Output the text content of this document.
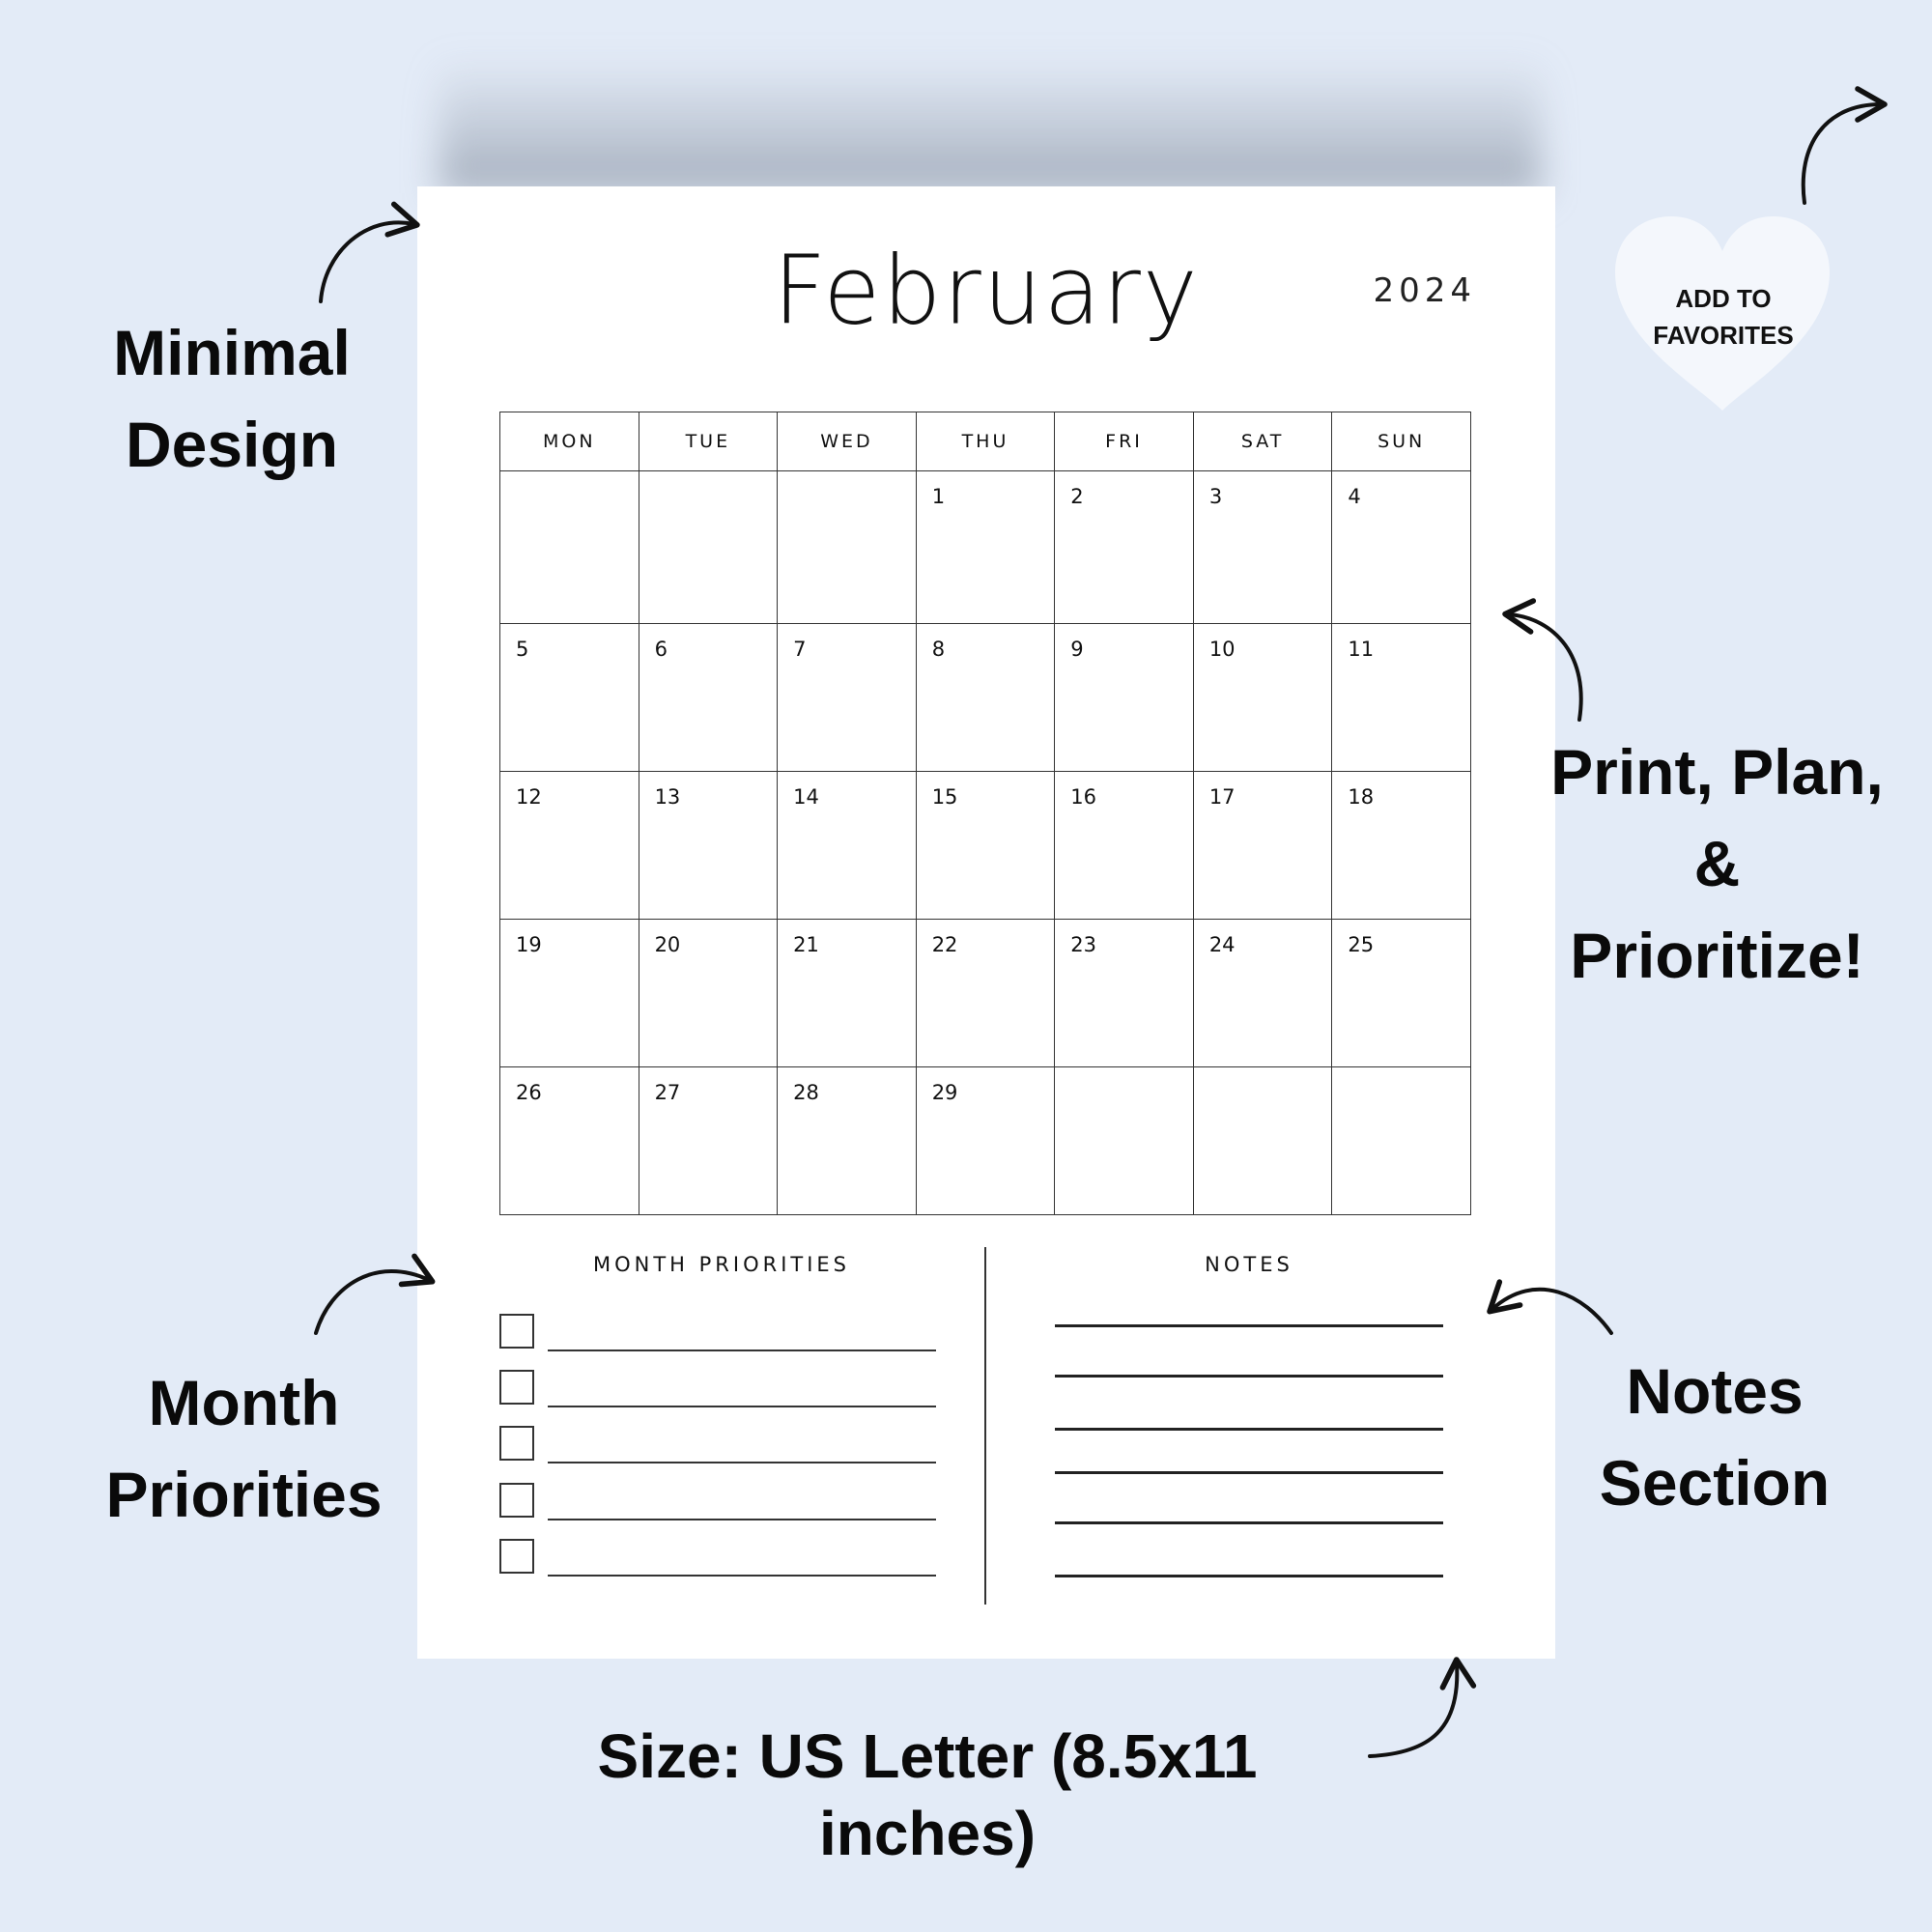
February	2024
MON	TUE	WED	THU	FRI	SAT	SUN
			1	2	3	4
5	6	7	8	9	10	11
12	13	14	15	16	17	18
19	20	21	22	23	24	25
26	27	28	29			
MONTH PRIORITIES	NOTES
Minimal
Design
Month
Priorities
Print, Plan,
&
Prioritize!
Notes
Section
Size: US Letter (8.5x11 inches)
ADD TO
FAVORITES
